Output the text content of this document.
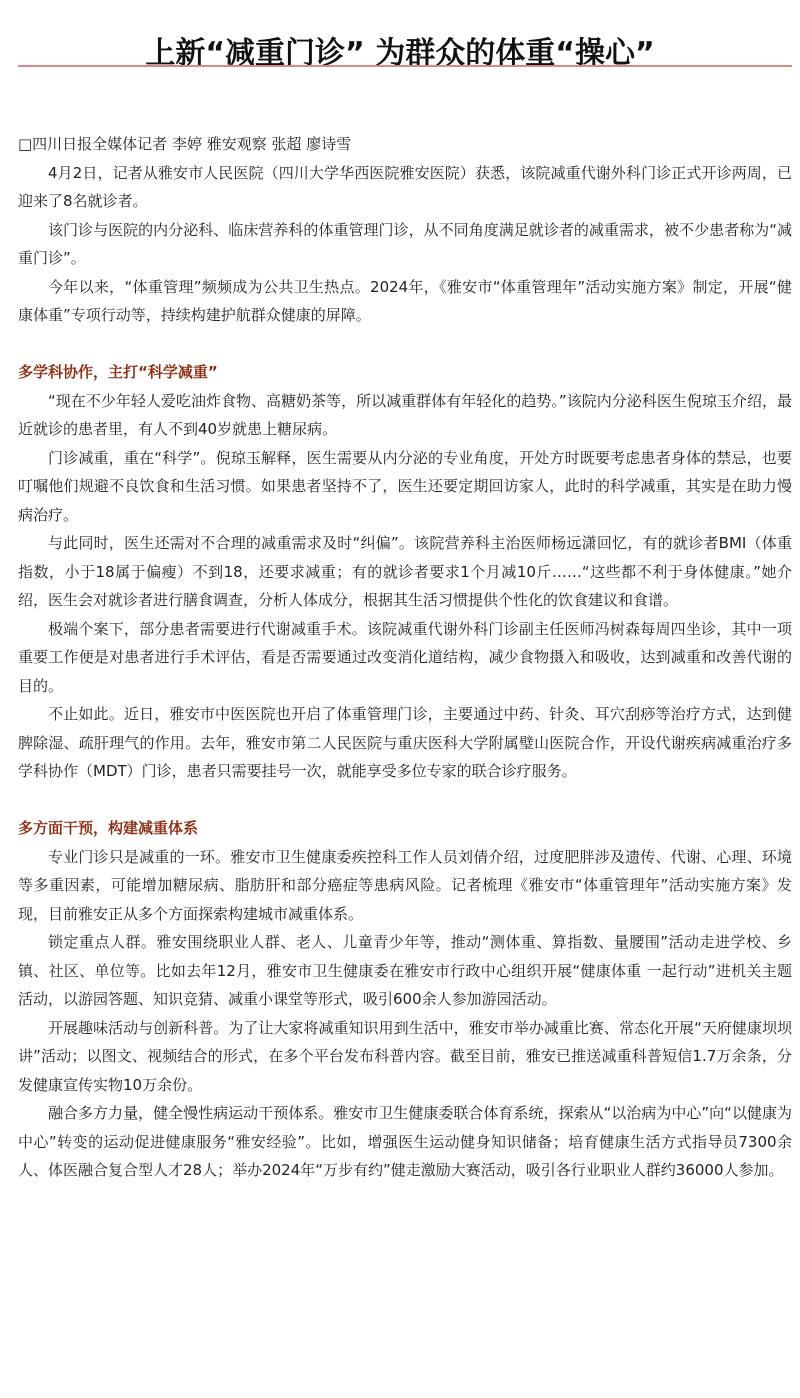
上新“减重门诊” 为群众的体重“操心”

□四川日报全媒体记者 李婷 雅安观察 张超 廖诗雪

4月2日，记者从雅安市人民医院（四川大学华西医院雅安医院）获悉，该院减重代谢外科门诊正式开诊两周，已迎来了8名就诊者。

该门诊与医院的内分泌科、临床营养科的体重管理门诊，从不同角度满足就诊者的减重需求，被不少患者称为“减重门诊”。

今年以来，“体重管理”频频成为公共卫生热点。2024年，《雅安市“体重管理年”活动实施方案》制定，开展“健康体重”专项行动等，持续构建护航群众健康的屏障。

多学科协作，主打“科学减重”

“现在不少年轻人爱吃油炸食物、高糖奶茶等，所以减重群体有年轻化的趋势。”该院内分泌科医生倪琼玉介绍，最近就诊的患者里，有人不到40岁就患上糖尿病。

门诊减重，重在“科学”。倪琼玉解释，医生需要从内分泌的专业角度，开处方时既要考虑患者身体的禁忌，也要叮嘱他们规避不良饮食和生活习惯。如果患者坚持不了，医生还要定期回访家人，此时的科学减重，其实是在助力慢病治疗。

与此同时，医生还需对不合理的减重需求及时“纠偏”。该院营养科主治医师杨远潇回忆，有的就诊者BMI（体重指数，小于18属于偏瘦）不到18，还要求减重；有的就诊者要求1个月减10斤……“这些都不利于身体健康。”她介绍，医生会对就诊者进行膳食调查，分析人体成分，根据其生活习惯提供个性化的饮食建议和食谱。

极端个案下，部分患者需要进行代谢减重手术。该院减重代谢外科门诊副主任医师冯树森每周四坐诊，其中一项重要工作便是对患者进行手术评估，看是否需要通过改变消化道结构，减少食物摄入和吸收，达到减重和改善代谢的目的。

不止如此。近日，雅安市中医医院也开启了体重管理门诊，主要通过中药、针灸、耳穴刮痧等治疗方式，达到健脾除湿、疏肝理气的作用。去年，雅安市第二人民医院与重庆医科大学附属璧山医院合作，开设代谢疾病减重治疗多学科协作（MDT）门诊，患者只需要挂号一次，就能享受多位专家的联合诊疗服务。

多方面干预，构建减重体系

专业门诊只是减重的一环。雅安市卫生健康委疾控科工作人员刘倩介绍，过度肥胖涉及遗传、代谢、心理、环境等多重因素，可能增加糖尿病、脂肪肝和部分癌症等患病风险。记者梳理《雅安市“体重管理年”活动实施方案》发现，目前雅安正从多个方面探索构建城市减重体系。

锁定重点人群。雅安围绕职业人群、老人、儿童青少年等，推动“测体重、算指数、量腰围”活动走进学校、乡镇、社区、单位等。比如去年12月，雅安市卫生健康委在雅安市行政中心组织开展“健康体重 一起行动”进机关主题活动，以游园答题、知识竞猜、减重小课堂等形式，吸引600余人参加游园活动。

开展趣味活动与创新科普。为了让大家将减重知识用到生活中，雅安市举办减重比赛、常态化开展“天府健康坝坝讲”活动；以图文、视频结合的形式，在多个平台发布科普内容。截至目前，雅安已推送减重科普短信1.7万余条，分发健康宣传实物10万余份。

融合多方力量，健全慢性病运动干预体系。雅安市卫生健康委联合体育系统，探索从“以治病为中心”向“以健康为中心”转变的运动促进健康服务“雅安经验”。比如，增强医生运动健身知识储备；培育健康生活方式指导员7300余人、体医融合复合型人才28人；举办2024年“万步有约”健走激励大赛活动，吸引各行业职业人群约36000人参加。
